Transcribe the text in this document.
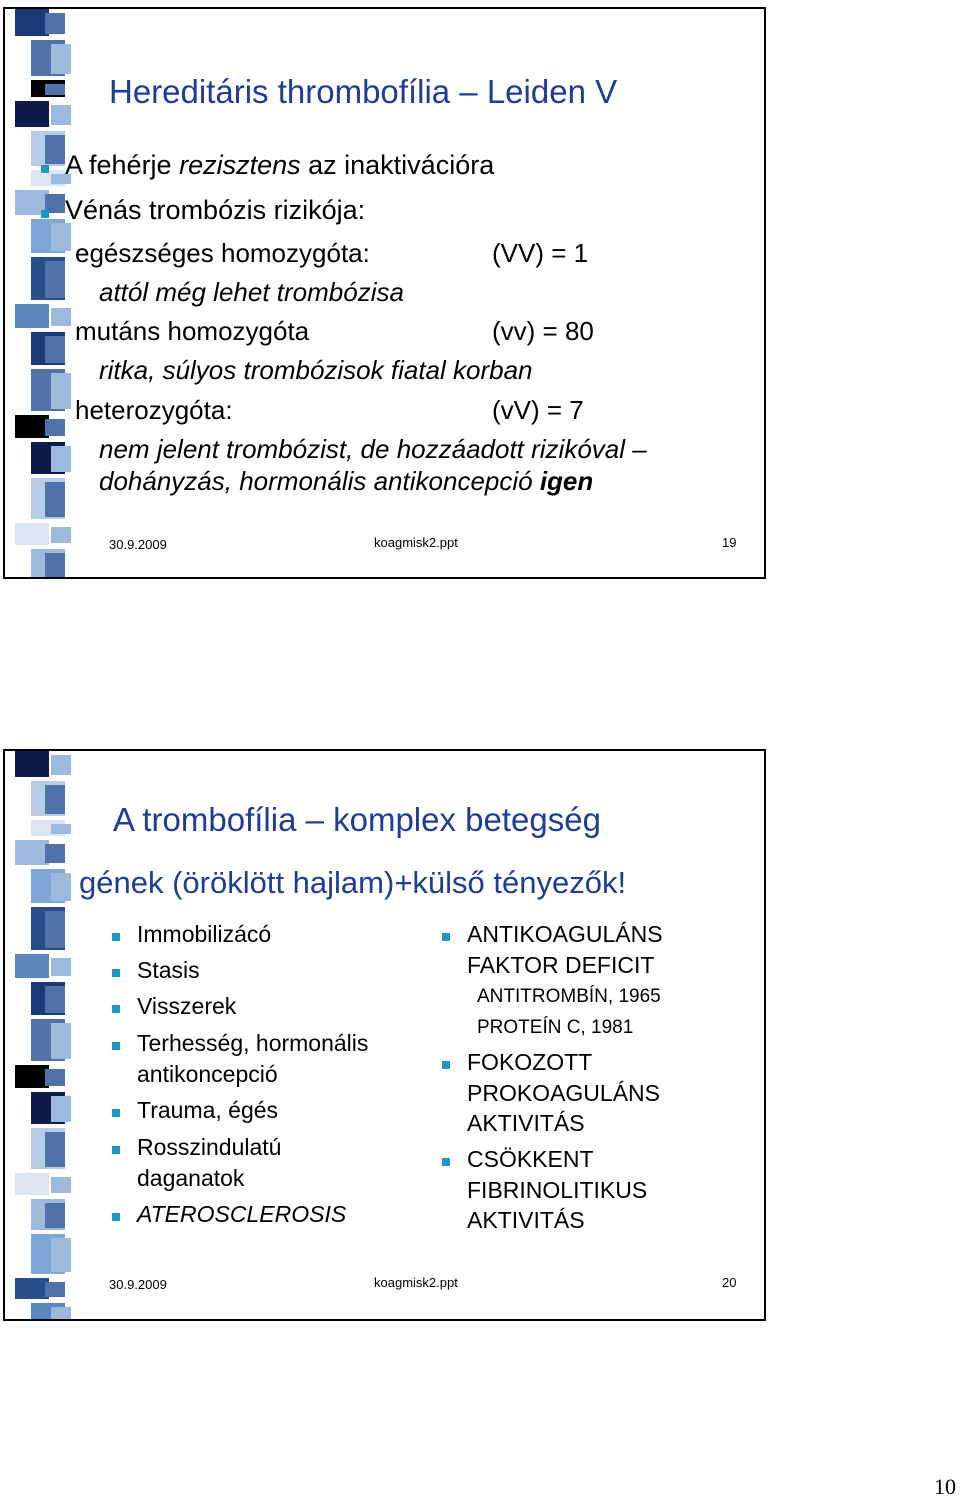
Hereditáris thrombofília – Leiden V
A fehérje rezisztens az inaktivációra
Vénás trombózis rizikója:
egészséges homozygóta:	(VV) = 1
attól még lehet trombózisa
mutáns homozygóta	(vv) = 80
ritka, súlyos trombózisok fiatal korban
heterozygóta:	(vV) = 7
nem jelent trombózist, de hozzáadott rizikóval –
dohányzás, hormonális antikoncepció igen
30.9.2009	koagmisk2.ppt	19
A trombofília – komplex betegség
gének (öröklött hajlam)+külső tényezők!
Immobilizácó
Stasis
Visszerek
Terhesség, hormonális
antikoncepció
Trauma, égés
Rosszindulatú
daganatok
ATEROSCLEROSIS
ANTIKOAGULÁNS
FAKTOR DEFICIT
ANTITROMBÍN, 1965
PROTEÍN C, 1981
FOKOZOTT
PROKOAGULÁNS
AKTIVITÁS
CSÖKKENT
FIBRINOLITIKUS
AKTIVITÁS
30.9.2009	koagmisk2.ppt	20
10
